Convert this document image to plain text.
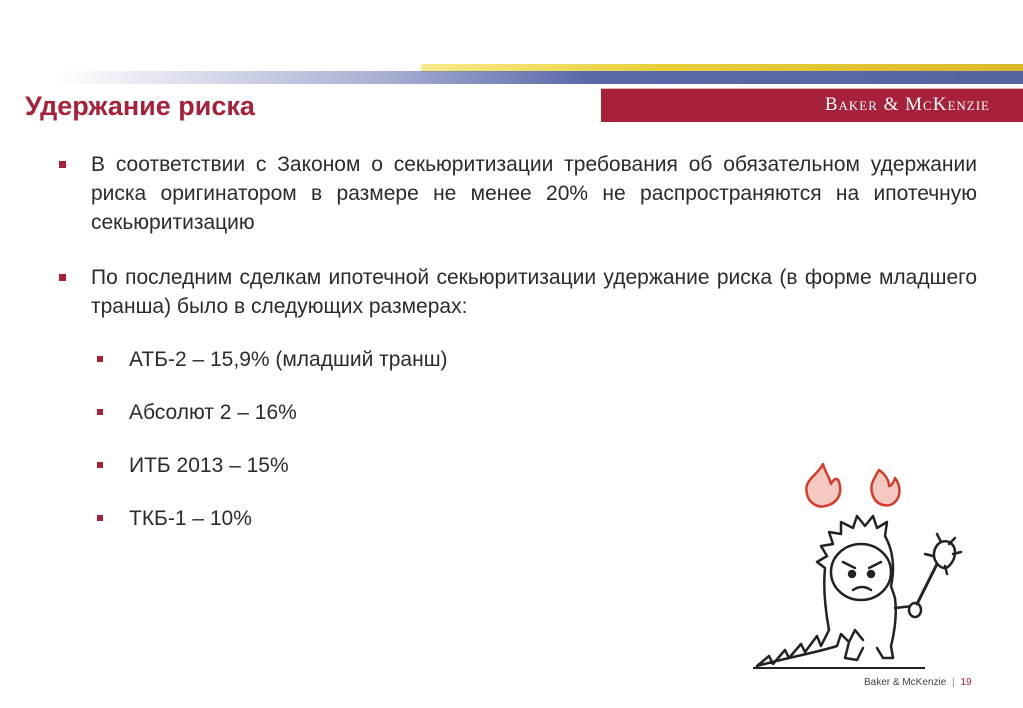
Baker & McKenzie
Удержание риска
В соответствии с Законом о секьюритизации требования об обязательном удержании риска оригинатором в размере не менее 20% не распространяются на ипотечную секьюритизацию
По последним сделкам ипотечной секьюритизации удержание риска (в форме младшего транша) было в следующих размерах:
АТБ-2 – 15,9% (младший транш)
Абсолют 2 – 16%
ИТБ 2013 – 15%
ТКБ-1 – 10%
Baker & McKenzie | 19
